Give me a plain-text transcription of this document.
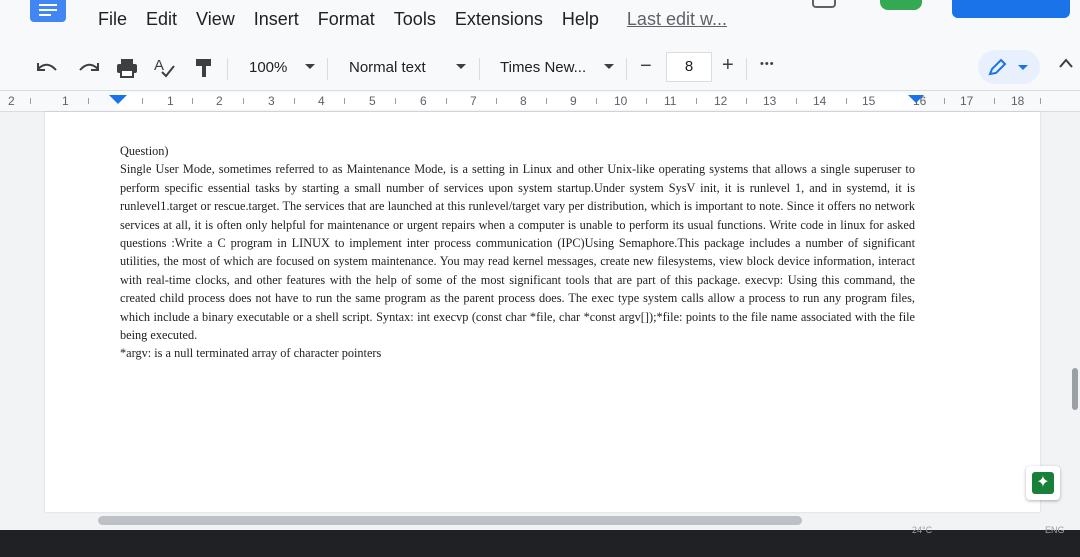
File Edit View Insert Format Tools Extensions Help Last edit w...
A	100%	Normal text	Times New...	−	8	+ •••
2	1	1	2	3	4	5	6	7	8	9	10	11	12	13	14	15	16	17	18

Question)

Single User Mode, sometimes referred to as Maintenance Mode, is a setting in Linux and other Unix-like operating systems that allows a single superuser to perform specific essential tasks by starting a small number of services upon system startup.Under system SysV init, it is runlevel 1, and in systemd, it is runlevel1.target or rescue.target. The services that are launched at this runlevel/target vary per distribution, which is important to note. Since it offers no network services at all, it is often only helpful for maintenance or urgent repairs when a computer is unable to perform its usual functions. Write code in linux for asked questions :Write a C program in LINUX to implement inter process communication (IPC)Using Semaphore.This package includes a number of significant utilities, the most of which are focused on system maintenance. You may read kernel messages, create new filesystems, view block device information, interact with real-time clocks, and other features with the help of some of the most significant tools that are part of this package. execvp: Using this command, the created child process does not have to run the same program as the parent process does. The exec type system calls allow a process to run any program files, which include a binary executable or a shell script. Syntax: int execvp (const char *file, char *const argv[]);*file: points to the file name associated with the file being executed.

*argv: is a null terminated array of character pointers

✦
24°C	ENG
